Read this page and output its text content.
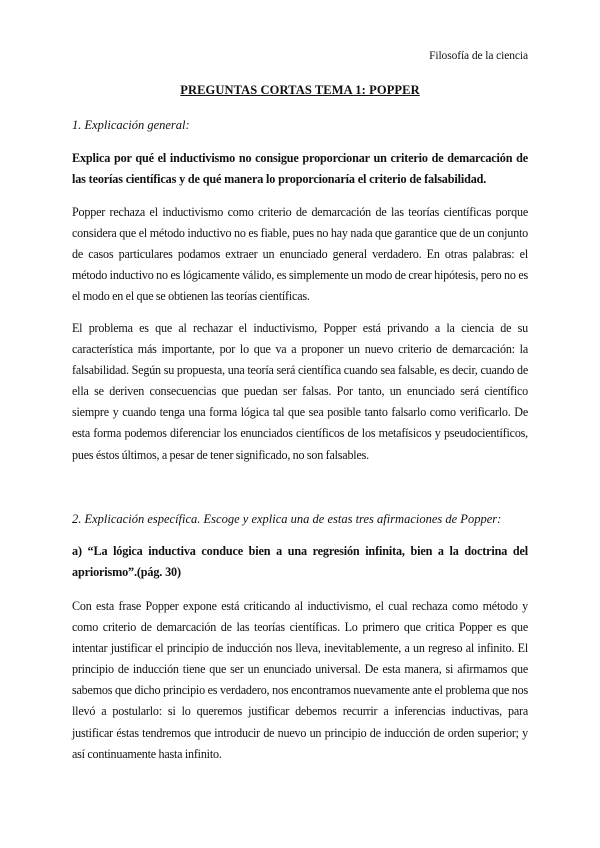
Filosofía de la ciencia
PREGUNTAS CORTAS TEMA 1: POPPER
1. Explicación general:
Explica por qué el inductivismo no consigue proporcionar un criterio de demarcación de las teorías científicas y de qué manera lo proporcionaría el criterio de falsabilidad.
Popper rechaza el inductivismo como criterio de demarcación de las teorías científicas porque considera que el método inductivo no es fiable, pues no hay nada que garantice que de un conjunto de casos particulares podamos extraer un enunciado general verdadero. En otras palabras: el método inductivo no es lógicamente válido, es simplemente un modo de crear hipótesis, pero no es el modo en el que se obtienen las teorías científicas.
El problema es que al rechazar el inductivismo, Popper está privando a la ciencia de su característica más importante, por lo que va a proponer un nuevo criterio de demarcación: la falsabilidad. Según su propuesta, una teoría será científica cuando sea falsable, es decir, cuando de ella se deriven consecuencias que puedan ser falsas. Por tanto, un enunciado será científico siempre y cuando tenga una forma lógica tal que sea posible tanto falsarlo como verificarlo. De esta forma podemos diferenciar los enunciados científicos de los metafísicos y pseudocientíficos, pues éstos últimos, a pesar de tener significado, no son falsables.
2. Explicación específica. Escoge y explica una de estas tres afirmaciones de Popper:
a) “La lógica inductiva conduce bien a una regresión infinita, bien a la doctrina del apriorismo”.(pág. 30)
Con esta frase Popper expone está criticando al inductivismo, el cual rechaza como método y como criterio de demarcación de las teorías científicas. Lo primero que critica Popper es que intentar justificar el principio de inducción nos lleva, inevitablemente, a un regreso al infinito. El principio de inducción tiene que ser un enunciado universal. De esta manera, si afirmamos que sabemos que dicho principio es verdadero, nos encontramos nuevamente ante el problema que nos llevó a postularlo: si lo queremos justificar debemos recurrir a inferencias inductivas, para justificar éstas tendremos que introducir de nuevo un principio de inducción de orden superior; y así continuamente hasta infinito.
